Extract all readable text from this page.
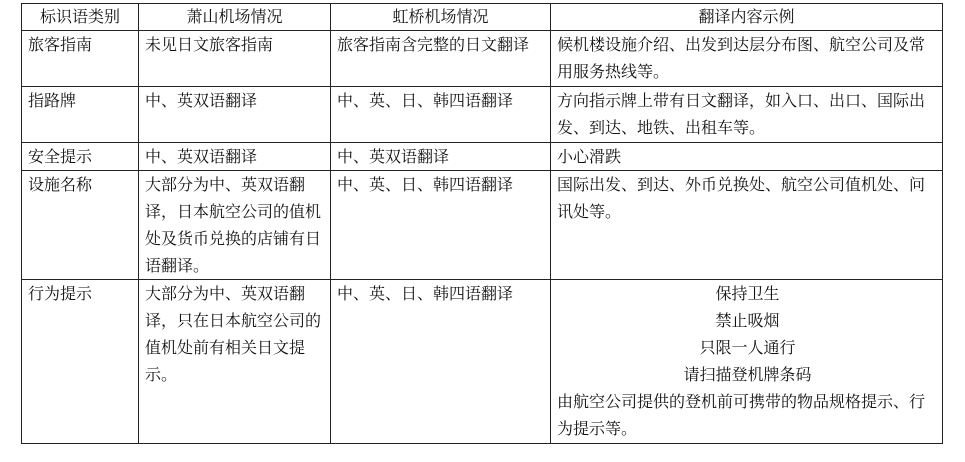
标识语类别	萧山机场情况	虹桥机场情况	翻译内容示例
旅客指南	未见日文旅客指南	旅客指南含完整的日文翻译	候机楼设施介绍、出发到达层分布图、航空公司及常用服务热线等。
指路牌	中、英双语翻译	中、英、日、韩四语翻译	方向指示牌上带有日文翻译，如入口、出口、国际出发、到达、地铁、出租车等。
安全提示	中、英双语翻译	中、英双语翻译	小心滑跌
设施名称	大部分为中、英双语翻译，日本航空公司的值机处及货币兑换的店铺有日语翻译。	中、英、日、韩四语翻译	国际出发、到达、外币兑换处、航空公司值机处、问讯处等。
行为提示	大部分为中、英双语翻译，只在日本航空公司的值机处前有相关日文提示。	中、英、日、韩四语翻译	保持卫生
禁止吸烟
只限一人通行
请扫描登机牌条码
由航空公司提供的登机前可携带的物品规格提示、行为提示等。
